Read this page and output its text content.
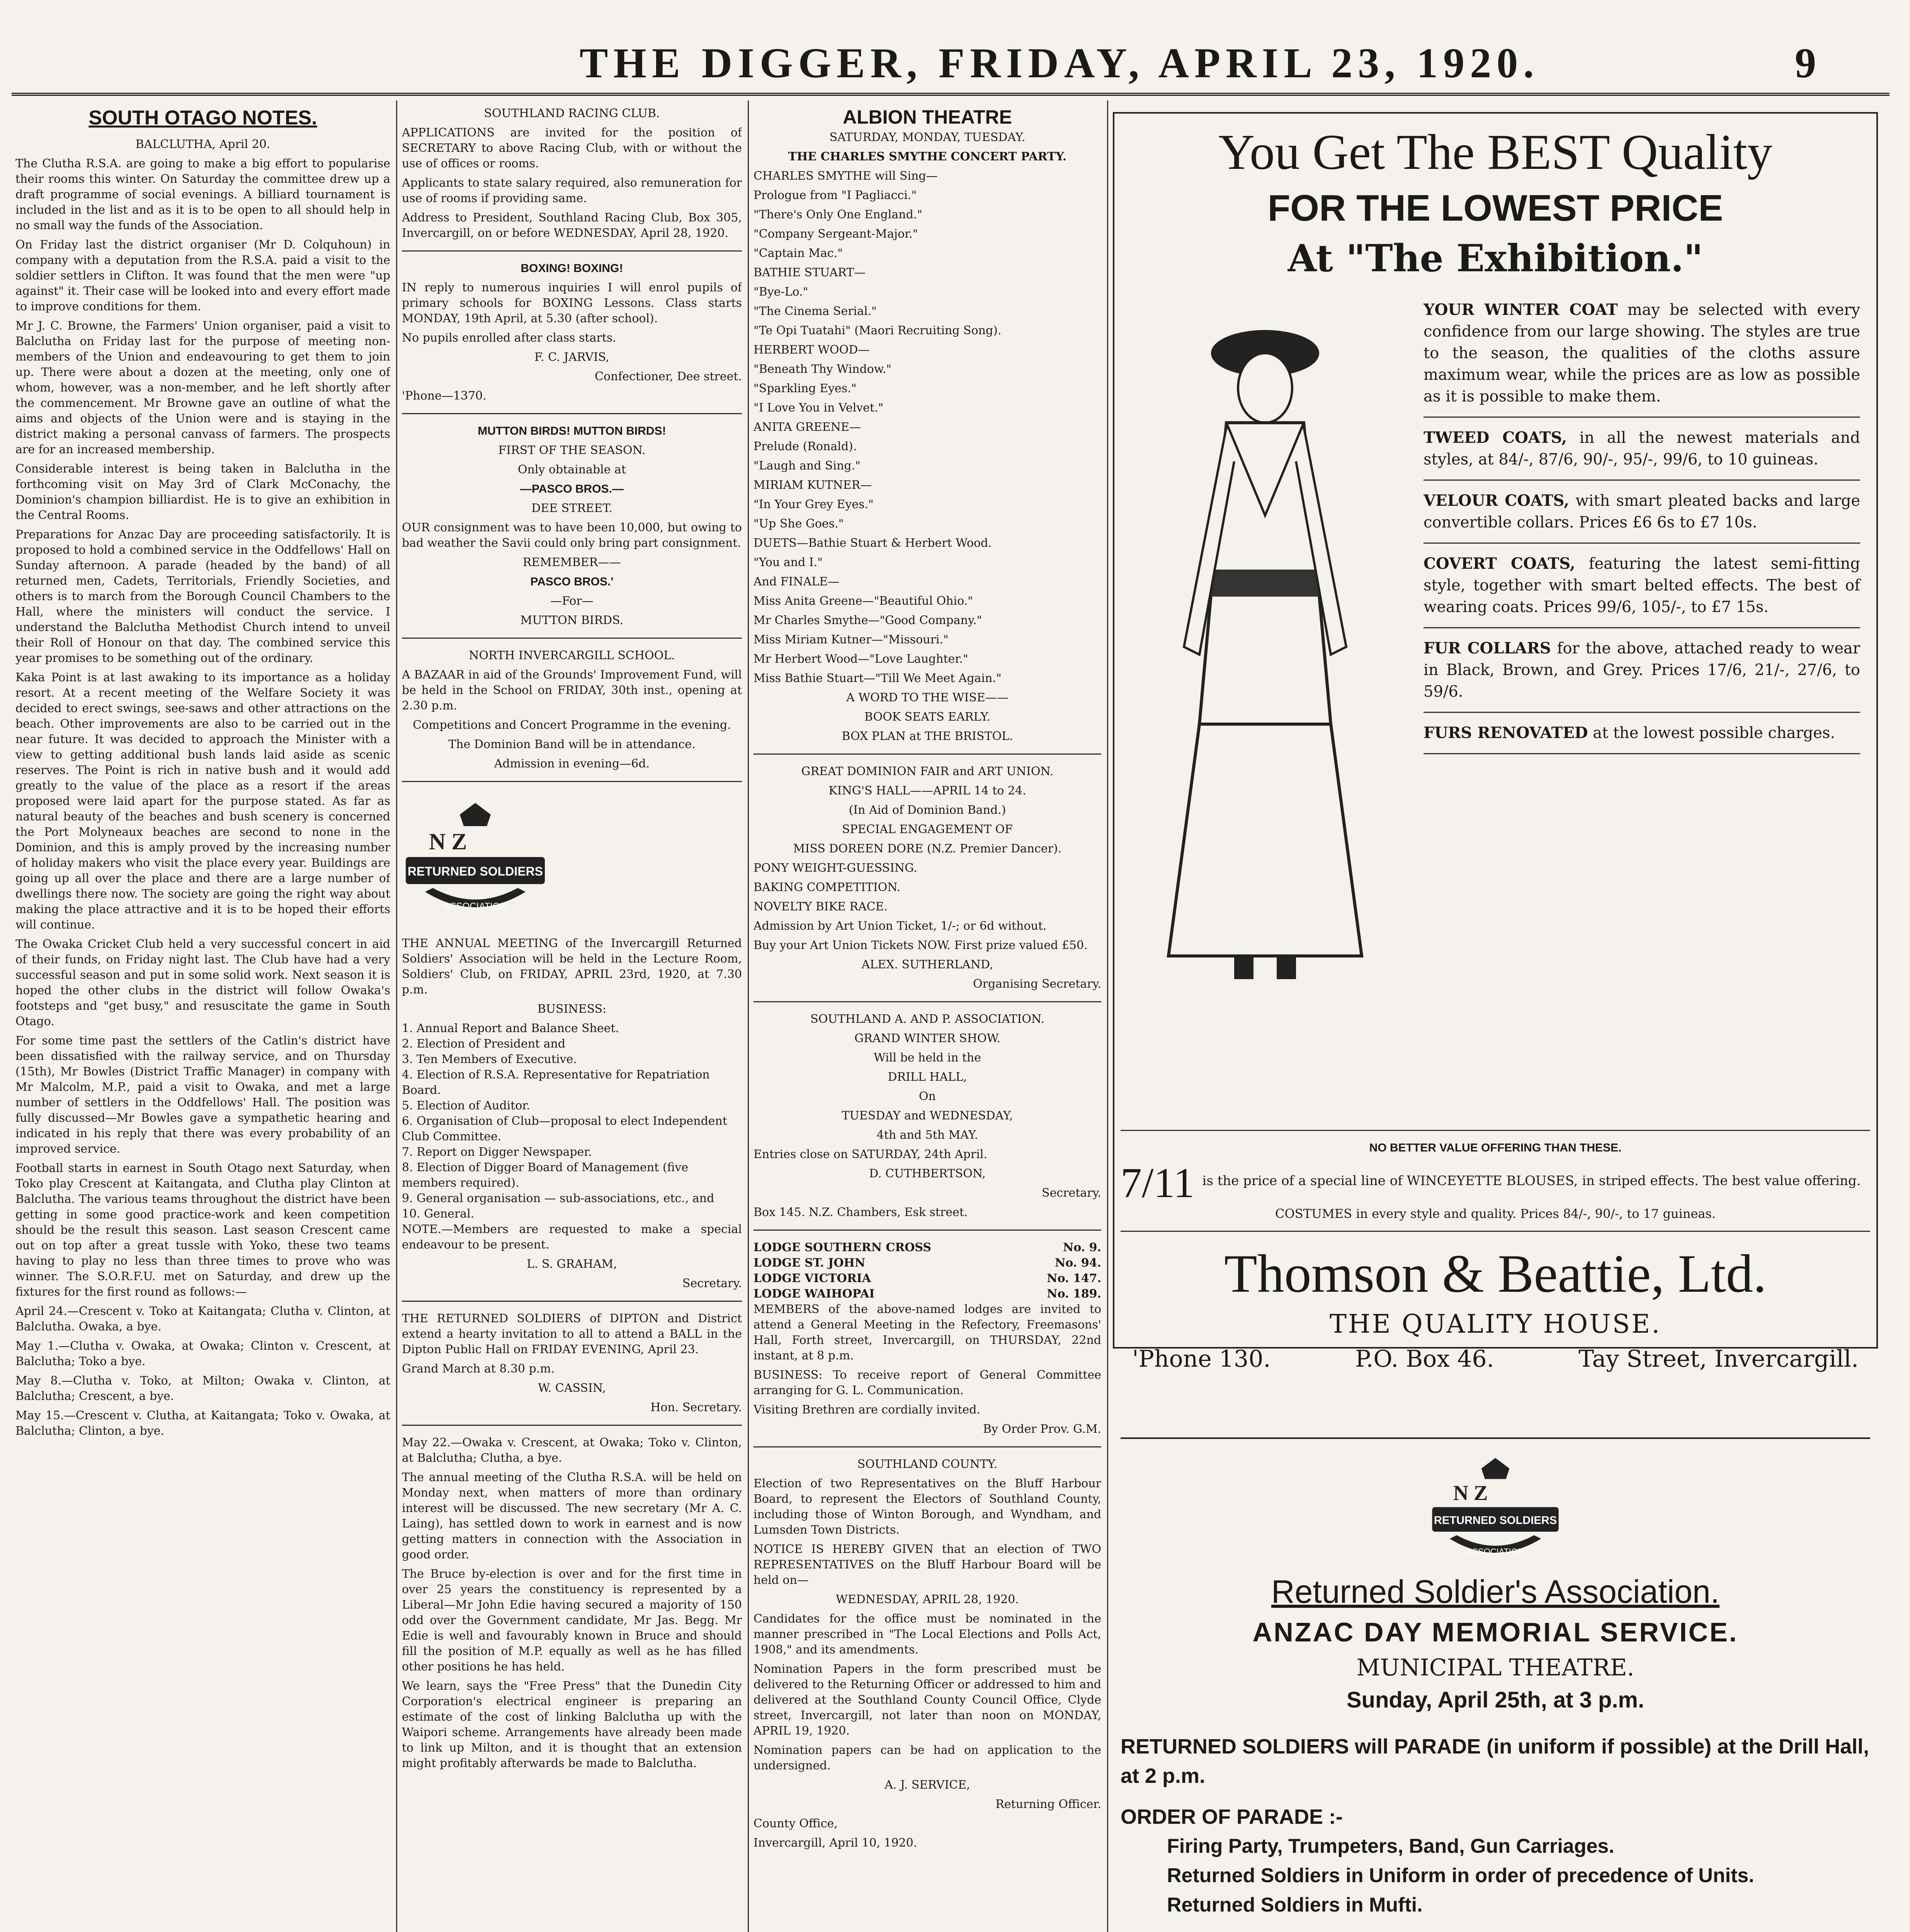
THE DIGGER, FRIDAY, APRIL 23, 1920.	9
SOUTH OTAGO NOTES.

BALCLUTHA, April 20.

The Clutha R.S.A. are going to make a big effort to popularise their rooms this winter. On Saturday the committee drew up a draft programme of social evenings. A billiard tournament is included in the list and as it is to be open to all should help in no small way the funds of the Association.

On Friday last the district organiser (Mr D. Colquhoun) in company with a deputation from the R.S.A. paid a visit to the soldier settlers in Clifton. It was found that the men were "up against" it. Their case will be looked into and every effort made to improve conditions for them.

Mr J. C. Browne, the Farmers' Union organiser, paid a visit to Balclutha on Friday last for the purpose of meeting non-members of the Union and endeavouring to get them to join up. There were about a dozen at the meeting, only one of whom, however, was a non-member, and he left shortly after the commencement. Mr Browne gave an outline of what the aims and objects of the Union were and is staying in the district making a personal canvass of farmers. The prospects are for an increased membership.

Considerable interest is being taken in Balclutha in the forthcoming visit on May 3rd of Clark McConachy, the Dominion's champion billiardist. He is to give an exhibition in the Central Rooms.

Preparations for Anzac Day are proceeding satisfactorily. It is proposed to hold a combined service in the Oddfellows' Hall on Sunday afternoon. A parade (headed by the band) of all returned men, Cadets, Territorials, Friendly Societies, and others is to march from the Borough Council Chambers to the Hall, where the ministers will conduct the service. I understand the Balclutha Methodist Church intend to unveil their Roll of Honour on that day. The combined service this year promises to be something out of the ordinary.

Kaka Point is at last awaking to its importance as a holiday resort. At a recent meeting of the Welfare Society it was decided to erect swings, see-saws and other attractions on the beach. Other improvements are also to be carried out in the near future. It was decided to approach the Minister with a view to getting additional bush lands laid aside as scenic reserves. The Point is rich in native bush and it would add greatly to the value of the place as a resort if the areas proposed were laid apart for the purpose stated. As far as natural beauty of the beaches and bush scenery is concerned the Port Molyneaux beaches are second to none in the Dominion, and this is amply proved by the increasing number of holiday makers who visit the place every year. Buildings are going up all over the place and there are a large number of dwellings there now. The society are going the right way about making the place attractive and it is to be hoped their efforts will continue.

The Owaka Cricket Club held a very successful concert in aid of their funds, on Friday night last. The Club have had a very successful season and put in some solid work. Next season it is hoped the other clubs in the district will follow Owaka's footsteps and "get busy," and resuscitate the game in South Otago.

For some time past the settlers of the Catlin's district have been dissatisfied with the railway service, and on Thursday (15th), Mr Bowles (District Traffic Manager) in company with Mr Malcolm, M.P., paid a visit to Owaka, and met a large number of settlers in the Oddfellows' Hall. The position was fully discussed—Mr Bowles gave a sympathetic hearing and indicated in his reply that there was every probability of an improved service.

Football starts in earnest in South Otago next Saturday, when Toko play Crescent at Kaitangata, and Clutha play Clinton at Balclutha. The various teams throughout the district have been getting in some good practice-work and keen competition should be the result this season. Last season Crescent came out on top after a great tussle with Yoko, these two teams having to play no less than three times to prove who was winner. The S.O.R.F.U. met on Saturday, and drew up the fixtures for the first round as follows:—

April 24.—Crescent v. Toko at Kaitangata; Clutha v. Clinton, at Balclutha. Owaka, a bye.

May 1.—Clutha v. Owaka, at Owaka; Clinton v. Crescent, at Balclutha; Toko a bye.

May 8.—Clutha v. Toko, at Milton; Owaka v. Clinton, at Balclutha; Crescent, a bye.

May 15.—Crescent v. Clutha, at Kaitangata; Toko v. Owaka, at Balclutha; Clinton, a bye.

SOUTHLAND RACING CLUB.

APPLICATIONS are invited for the position of SECRETARY to above Racing Club, with or without the use of offices or rooms.

Applicants to state salary required, also remuneration for use of rooms if providing same.

Address to President, Southland Racing Club, Box 305, Invercargill, on or before WEDNESDAY, April 28, 1920.

BOXING! BOXING!

IN reply to numerous inquiries I will enrol pupils of primary schools for BOXING Lessons. Class starts MONDAY, 19th April, at 5.30 (after school).

No pupils enrolled after class starts.

F. C. JARVIS,

Confectioner, Dee street.

'Phone—1370.

MUTTON BIRDS! MUTTON BIRDS!

FIRST OF THE SEASON.

Only obtainable at

—PASCO BROS.—

DEE STREET.

OUR consignment was to have been 10,000, but owing to bad weather the Savii could only bring part consignment.

REMEMBER——

PASCO BROS.'

—For—

MUTTON BIRDS.

NORTH INVERCARGILL SCHOOL.

A BAZAAR in aid of the Grounds' Improvement Fund, will be held in the School on FRIDAY, 30th inst., opening at 2.30 p.m.

Competitions and Concert Programme in the evening.

The Dominion Band will be in attendance.

Admission in evening—6d.

N Z
RETURNED SOLDIERS
ASSOCIATION

THE ANNUAL MEETING of the Invercargill Returned Soldiers' Association will be held in the Lecture Room, Soldiers' Club, on FRIDAY, APRIL 23rd, 1920, at 7.30 p.m.

BUSINESS:

1. Annual Report and Balance Sheet.
2. Election of President and
3. Ten Members of Executive.
4. Election of R.S.A. Representative for Repatriation Board.
5. Election of Auditor.
6. Organisation of Club—proposal to elect Independent Club Committee.
7. Report on Digger Newspaper.
8. Election of Digger Board of Management (five members required).
9. General organisation — sub-associations, etc., and
10. General.

NOTE.—Members are requested to make a special endeavour to be present.

L. S. GRAHAM,

Secretary.

THE RETURNED SOLDIERS of DIPTON and District extend a hearty invitation to all to attend a BALL in the Dipton Public Hall on FRIDAY EVENING, April 23.

Grand March at 8.30 p.m.

W. CASSIN,

Hon. Secretary.

May 22.—Owaka v. Crescent, at Owaka; Toko v. Clinton, at Balclutha; Clutha, a bye.

The annual meeting of the Clutha R.S.A. will be held on Monday next, when matters of more than ordinary interest will be discussed. The new secretary (Mr A. C. Laing), has settled down to work in earnest and is now getting matters in connection with the Association in good order.

The Bruce by-election is over and for the first time in over 25 years the constituency is represented by a Liberal—Mr John Edie having secured a majority of 150 odd over the Government candidate, Mr Jas. Begg. Mr Edie is well and favourably known in Bruce and should fill the position of M.P. equally as well as he has filled other positions he has held.

We learn, says the "Free Press" that the Dunedin City Corporation's electrical engineer is preparing an estimate of the cost of linking Balclutha up with the Waipori scheme. Arrangements have already been made to link up Milton, and it is thought that an extension might profitably afterwards be made to Balclutha.

ALBION THEATRE

SATURDAY, MONDAY, TUESDAY.

THE CHARLES SMYTHE CONCERT PARTY.

CHARLES SMYTHE will Sing—

Prologue from "I Pagliacci."

"There's Only One England."

"Company Sergeant-Major."

"Captain Mac."

BATHIE STUART—

"Bye-Lo."

"The Cinema Serial."

"Te Opi Tuatahi" (Maori Recruiting Song).

HERBERT WOOD—

"Beneath Thy Window."

"Sparkling Eyes."

"I Love You in Velvet."

ANITA GREENE—

Prelude (Ronald).

"Laugh and Sing."

MIRIAM KUTNER—

"In Your Grey Eyes."

"Up She Goes."

DUETS—Bathie Stuart & Herbert Wood.

"You and I."

And FINALE—

Miss Anita Greene—"Beautiful Ohio."

Mr Charles Smythe—"Good Company."

Miss Miriam Kutner—"Missouri."

Mr Herbert Wood—"Love Laughter."

Miss Bathie Stuart—"Till We Meet Again."

A WORD TO THE WISE——

BOOK SEATS EARLY.

BOX PLAN at THE BRISTOL.

GREAT DOMINION FAIR and ART UNION.

KING'S HALL——APRIL 14 to 24.

(In Aid of Dominion Band.)

SPECIAL ENGAGEMENT OF

MISS DOREEN DORE (N.Z. Premier Dancer).

PONY WEIGHT-GUESSING.

BAKING COMPETITION.

NOVELTY BIKE RACE.

Admission by Art Union Ticket, 1/-; or 6d without.

Buy your Art Union Tickets NOW. First prize valued £50.

ALEX. SUTHERLAND,

Organising Secretary.

SOUTHLAND A. AND P. ASSOCIATION.

GRAND WINTER SHOW.

Will be held in the

DRILL HALL,

On

TUESDAY and WEDNESDAY,

4th and 5th MAY.

Entries close on SATURDAY, 24th April.

D. CUTHBERTSON,

Secretary.

Box 145. N.Z. Chambers, Esk street.

LODGE SOUTHERN CROSS	No. 9.
LODGE ST. JOHN	No. 94.
LODGE VICTORIA	No. 147.
LODGE WAIHOPAI	No. 189.

MEMBERS of the above-named lodges are invited to attend a General Meeting in the Refectory, Freemasons' Hall, Forth street, Invercargill, on THURSDAY, 22nd instant, at 8 p.m.

BUSINESS: To receive report of General Committee arranging for G. L. Communication.

Visiting Brethren are cordially invited.

By Order Prov. G.M.

SOUTHLAND COUNTY.

Election of two Representatives on the Bluff Harbour Board, to represent the Electors of Southland County, including those of Winton Borough, and Wyndham, and Lumsden Town Districts.

NOTICE IS HEREBY GIVEN that an election of TWO REPRESENTATIVES on the Bluff Harbour Board will be held on—

WEDNESDAY, APRIL 28, 1920.

Candidates for the office must be nominated in the manner prescribed in "The Local Elections and Polls Act, 1908," and its amendments.

Nomination Papers in the form prescribed must be delivered to the Returning Officer or addressed to him and delivered at the Southland County Council Office, Clyde street, Invercargill, not later than noon on MONDAY, APRIL 19, 1920.

Nomination papers can be had on application to the undersigned.

A. J. SERVICE,

Returning Officer.

County Office,

Invercargill, April 10, 1920.

You Get The BEST Quality
FOR THE LOWEST PRICE
At "The Exhibition."

YOUR WINTER COAT may be selected with every confidence from our large showing. The styles are true to the season, the qualities of the cloths assure maximum wear, while the prices are as low as possible as it is possible to make them.

TWEED COATS, in all the newest materials and styles, at 84/-, 87/6, 90/-, 95/-, 99/6, to 10 guineas.

VELOUR COATS, with smart pleated backs and large convertible collars. Prices £6 6s to £7 10s.

COVERT COATS, featuring the latest semi-fitting style, together with smart belted effects. The best of wearing coats. Prices 99/6, 105/-, to £7 15s.

FUR COLLARS for the above, attached ready to wear in Black, Brown, and Grey. Prices 17/6, 21/-, 27/6, to 59/6.

FURS RENOVATED at the lowest possible charges.

NO BETTER VALUE OFFERING THAN THESE.

7/11 is the price of a special line of WINCEYETTE BLOUSES, in striped effects. The best value offering.

COSTUMES in every style and quality. Prices 84/-, 90/-, to 17 guineas.

Thomson & Beattie, Ltd.
THE QUALITY HOUSE.
'Phone 130.	P.O. Box 46.	Tay Street, Invercargill.
N Z
RETURNED SOLDIERS
ASSOCIATION
Returned Soldier's Association.
ANZAC DAY MEMORIAL SERVICE.
MUNICIPAL THEATRE.
Sunday, April 25th, at 3 p.m.
RETURNED SOLDIERS will PARADE (in uniform if possible) at the Drill Hall, at 2 p.m.
ORDER OF PARADE :-
Firing Party, Trumpeters, Band, Gun Carriages.
Returned Soldiers in Uniform in order of precedence of Units.
Returned Soldiers in Mufti.
